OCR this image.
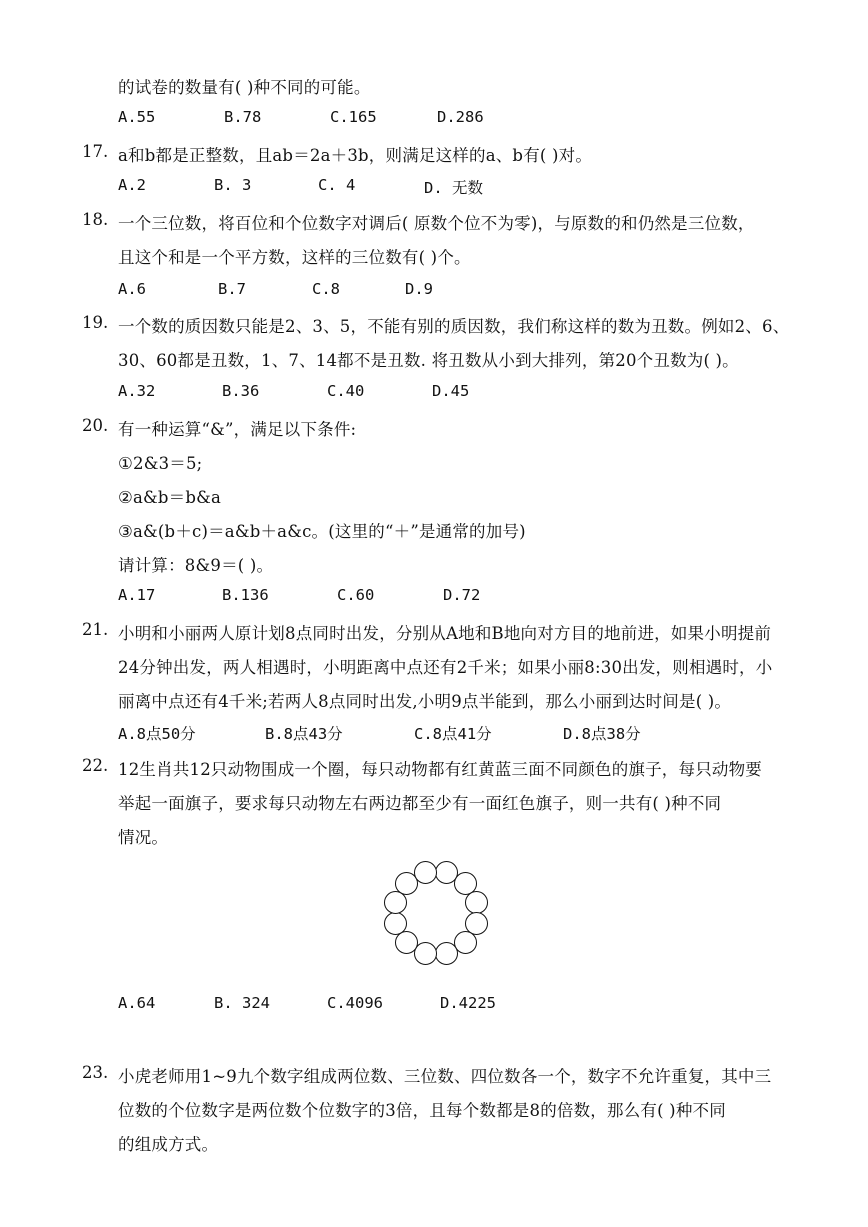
的试卷的数量有( )种不同的可能。
A.55	B.78	C.165	D.286
17. a和b都是正整数，且ab＝2a＋3b，则满足这样的a、b有( )对。
A.2	B. 3	C. 4	D. 无数
18. 一个三位数，将百位和个位数字对调后( 原数个位不为零)，与原数的和仍然是三位数，
且这个和是一个平方数，这样的三位数有( )个。
A.6	B.7	C.8	D.9
19. 一个数的质因数只能是2、3、5，不能有别的质因数，我们称这样的数为丑数。例如2、6、
30、60都是丑数，1、7、14都不是丑数. 将丑数从小到大排列，第20个丑数为( )。
A.32	B.36	C.40	D.45
20. 有一种运算“&”，满足以下条件:
①2&3＝5;
②a&b＝b&a
③a&(b＋c)＝a&b＋a&c。(这里的“＋”是通常的加号)
请计算：8&9＝( )。
A.17	B.136	C.60	D.72
21. 小明和小丽两人原计划8点同时出发，分别从A地和B地向对方目的地前进，如果小明提前
24分钟出发，两人相遇时，小明距离中点还有2千米；如果小丽8:30出发，则相遇时，小
丽离中点还有4千米;若两人8点同时出发,小明9点半能到，那么小丽到达时间是( )。
A.8点50分	B.8点43分	C.8点41分	D.8点38分
22. 12生肖共12只动物围成一个圈，每只动物都有红黄蓝三面不同颜色的旗子，每只动物要
举起一面旗子，要求每只动物左右两边都至少有一面红色旗子，则一共有( )种不同
情况。
A.64	B. 324	C.4096	D.4225
23. 小虎老师用1~9九个数字组成两位数、三位数、四位数各一个，数字不允许重复，其中三
位数的个位数字是两位数个位数字的3倍，且每个数都是8的倍数，那么有( )种不同
的组成方式。
